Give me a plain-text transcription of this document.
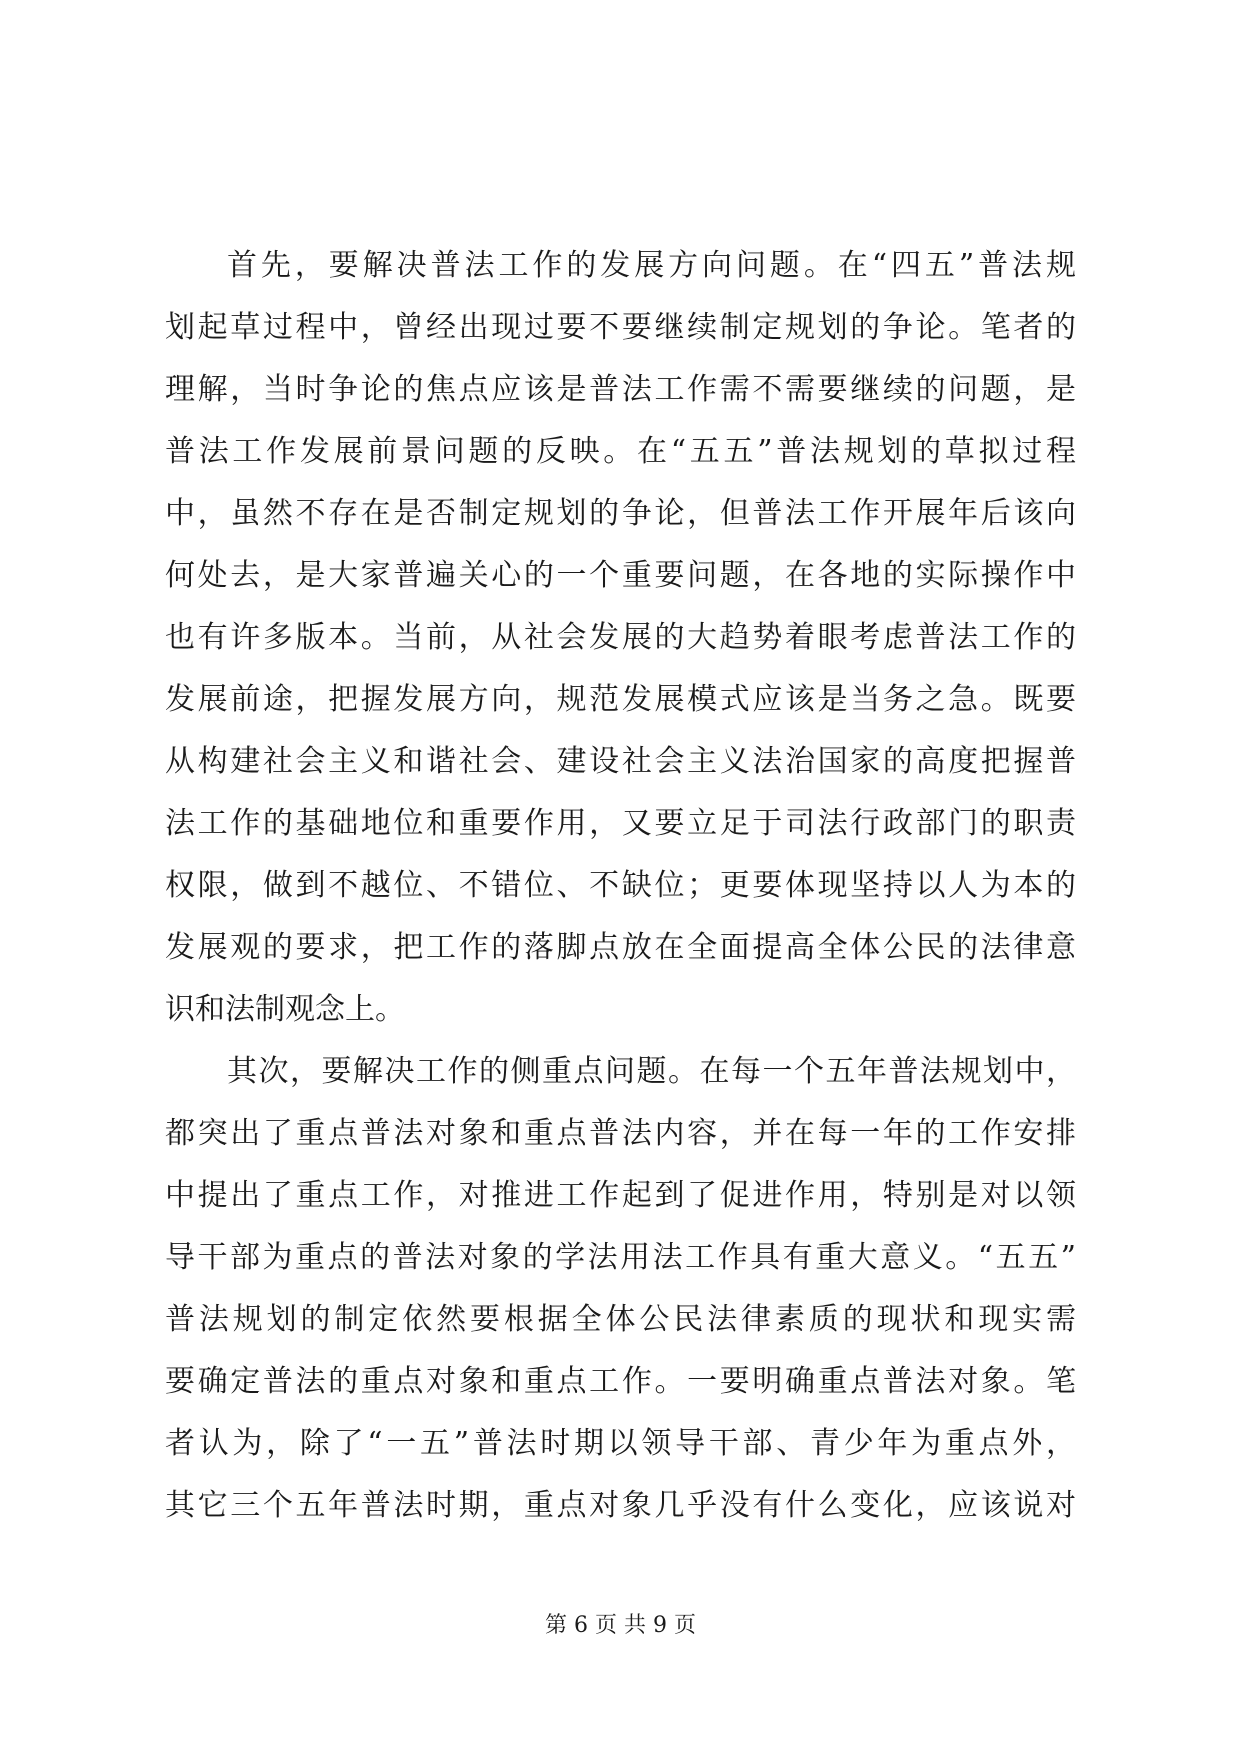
首先，要解决普法工作的发展方向问题。在“四五”普法规
划起草过程中，曾经出现过要不要继续制定规划的争论。笔者的
理解，当时争论的焦点应该是普法工作需不需要继续的问题，是
普法工作发展前景问题的反映。在“五五”普法规划的草拟过程
中，虽然不存在是否制定规划的争论，但普法工作开展年后该向
何处去，是大家普遍关心的一个重要问题，在各地的实际操作中
也有许多版本。当前，从社会发展的大趋势着眼考虑普法工作的
发展前途，把握发展方向，规范发展模式应该是当务之急。既要
从构建社会主义和谐社会、建设社会主义法治国家的高度把握普
法工作的基础地位和重要作用，又要立足于司法行政部门的职责
权限，做到不越位、不错位、不缺位；更要体现坚持以人为本的
发展观的要求，把工作的落脚点放在全面提高全体公民的法律意
识和法制观念上。
其次，要解决工作的侧重点问题。在每一个五年普法规划中，
都突出了重点普法对象和重点普法内容，并在每一年的工作安排
中提出了重点工作，对推进工作起到了促进作用，特别是对以领
导干部为重点的普法对象的学法用法工作具有重大意义。“五五”
普法规划的制定依然要根据全体公民法律素质的现状和现实需
要确定普法的重点对象和重点工作。一要明确重点普法对象。笔
者认为，除了“一五”普法时期以领导干部、青少年为重点外，
其它三个五年普法时期，重点对象几乎没有什么变化，应该说对
第 6 页 共 9 页
